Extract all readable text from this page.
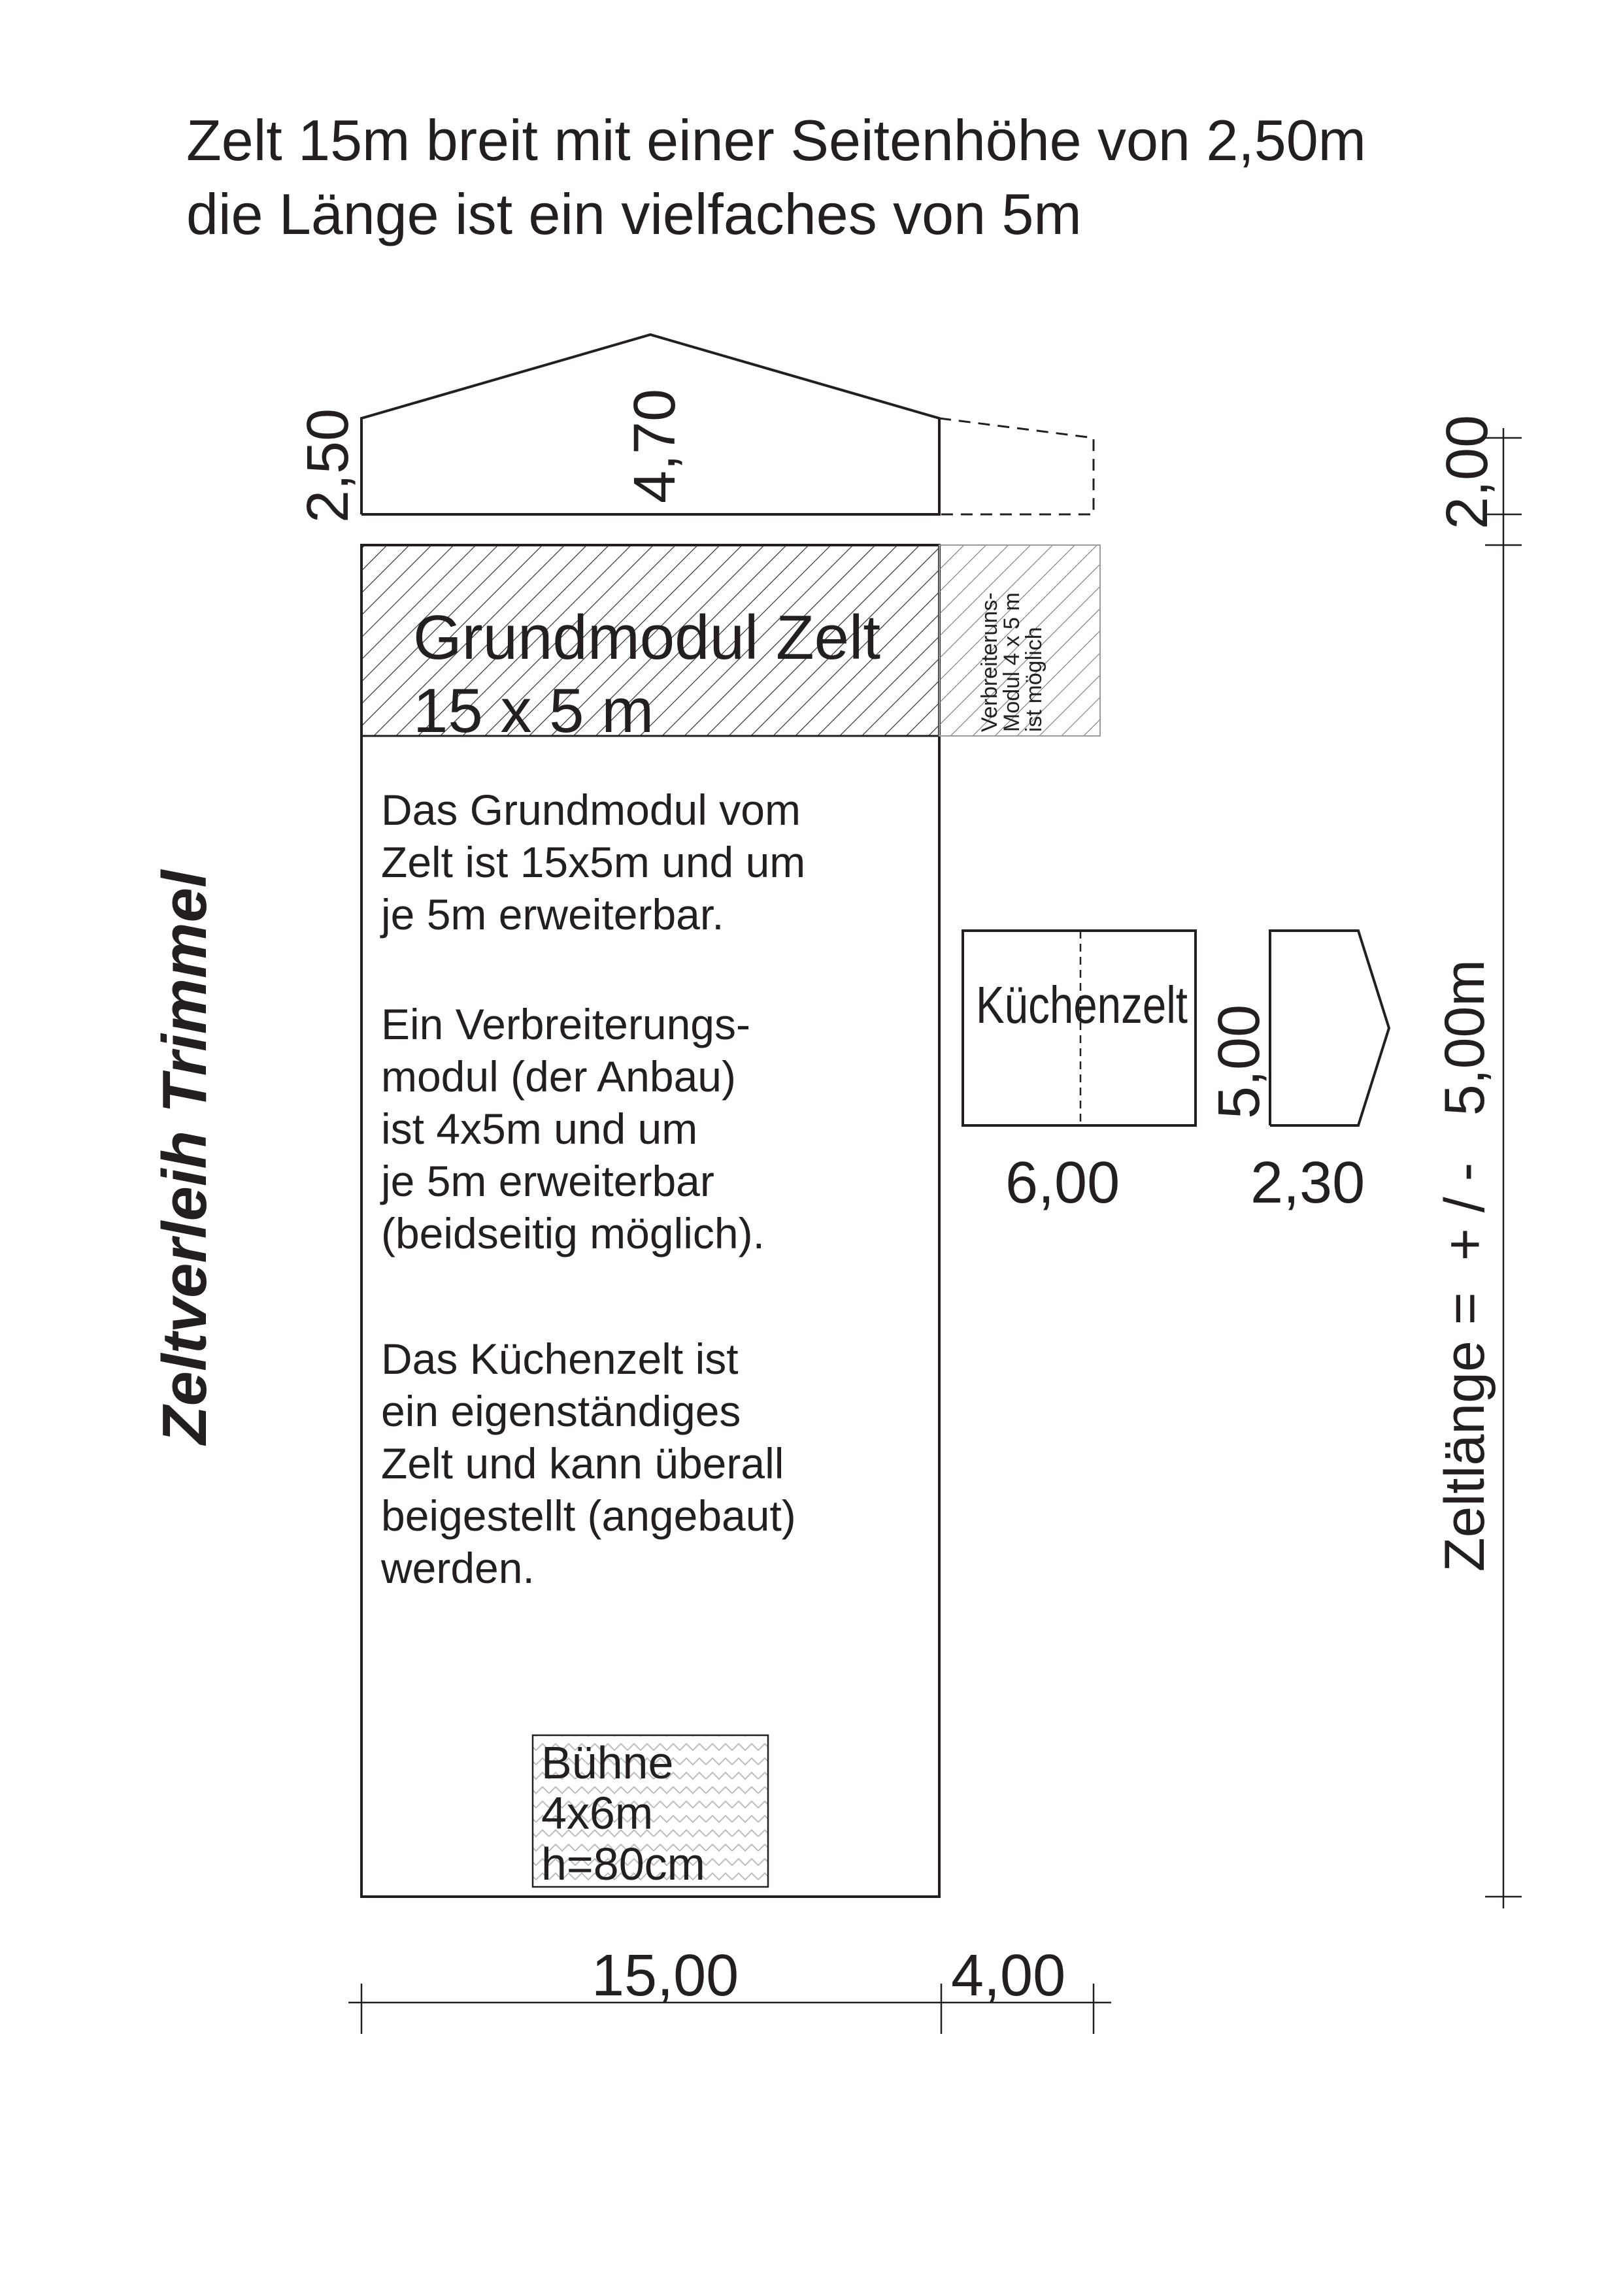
Zelt 15m breit mit einer Seitenhöhe von 2,50m
die Länge ist ein vielfaches von 5m
Zeltverleih Trimmel
2,50	4,70
Grundmodul Zelt
15 x 5 m	Verbreiteruns-
Modul 4 x 5 m
ist möglich
Das Grundmodul vom
Zelt ist 15x5m und um
je 5m erweiterbar.
Ein Verbreiterungs-
modul (der Anbau)
ist 4x5m und um
je 5m erweiterbar
(beidseitig möglich).
Das Küchenzelt ist
ein eigenständiges
Zelt und kann überall
beigestellt (angebaut)
werden.
Bühne
4x6m
h=80cm
Küchenzelt
6,00
5,00
2,30
2,00
Zeltlänge =  + / -   5,00m
15,00	4,00
